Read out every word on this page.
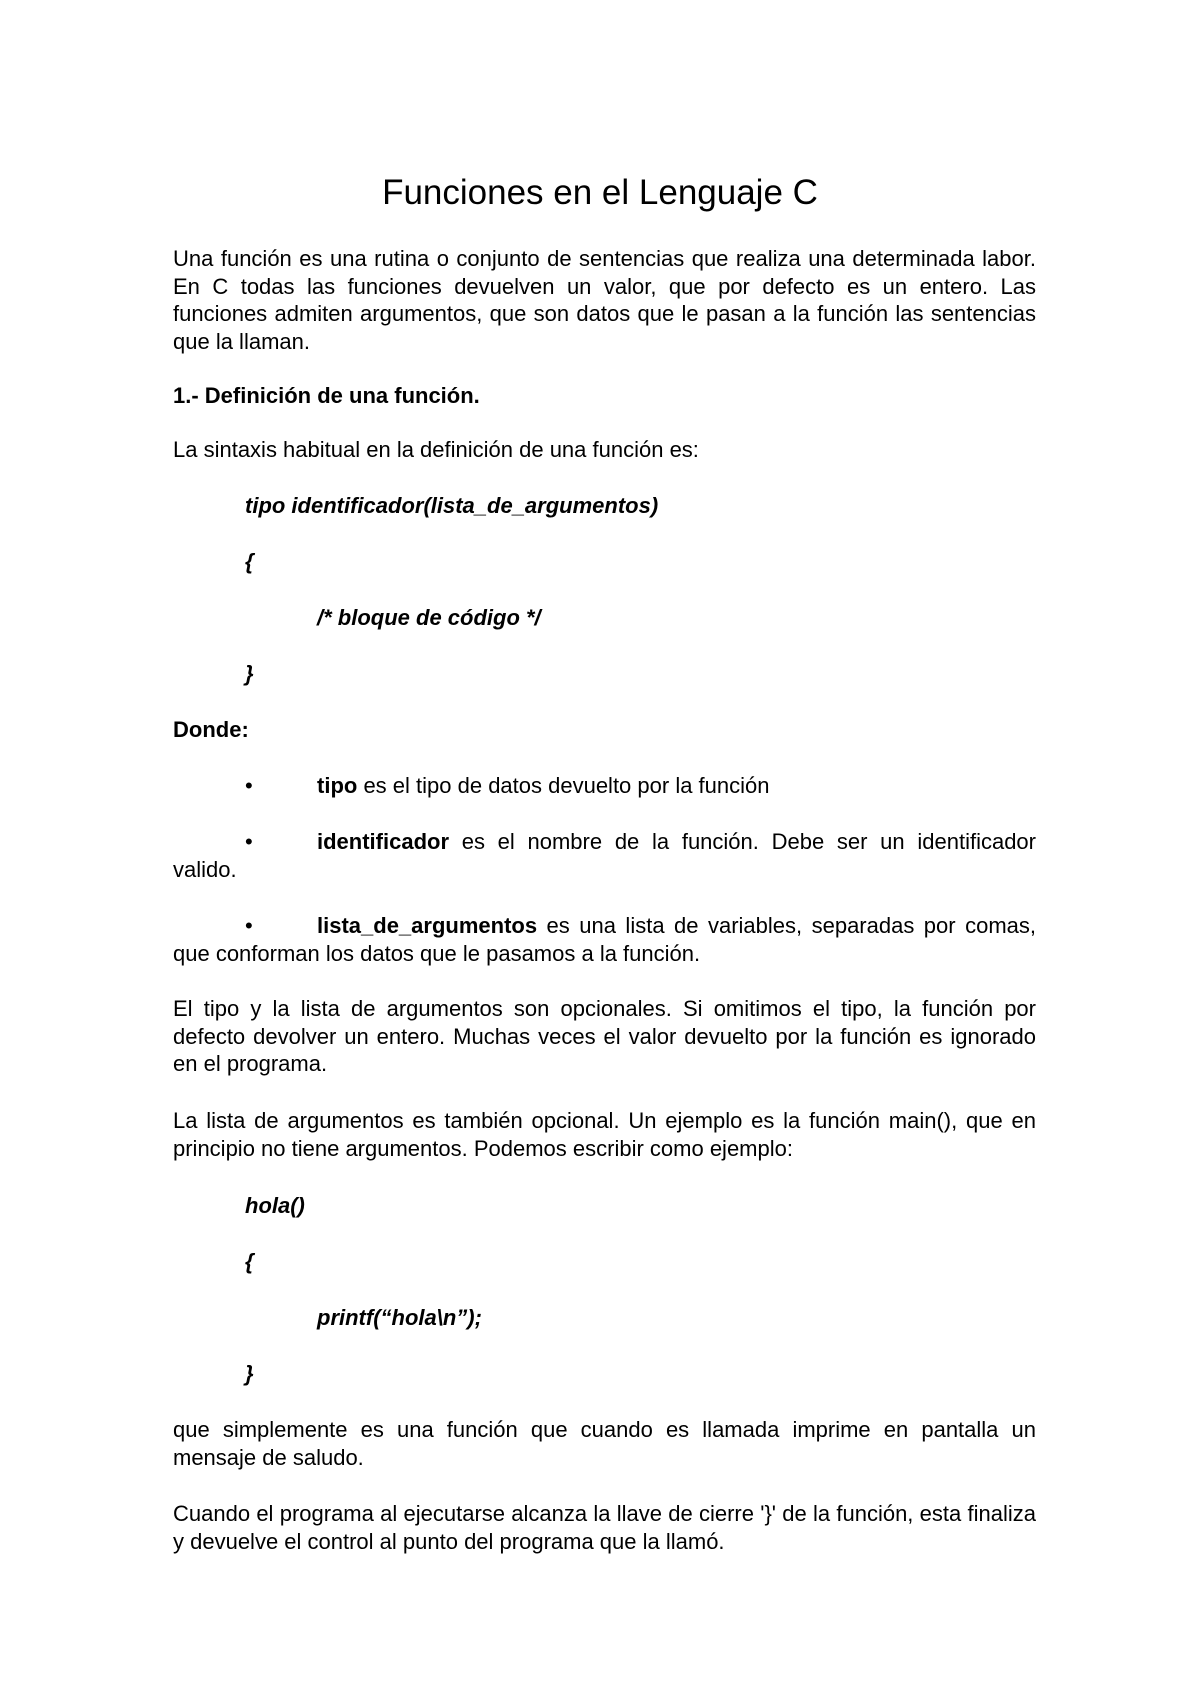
Funciones en el Lenguaje C

Una función es una rutina o conjunto de sentencias que realiza una determinada labor. En C todas las funciones devuelven un valor, que por defecto es un entero. Las funciones admiten argumentos, que son datos que le pasan a la función las sentencias que la llaman.

1.- Definición de una función.

La sintaxis habitual en la definición de una función es:

tipo identificador(lista_de_argumentos)

{

/* bloque de código */

}

Donde:

•	tipo es el tipo de datos devuelto por la función

•	identificador es el nombre de la función. Debe ser un identificador valido.

•	lista_de_argumentos es una lista de variables, separadas por comas, que conforman los datos que le pasamos a la función.

El tipo y la lista de argumentos son opcionales. Si omitimos el tipo, la función por defecto devolver un entero. Muchas veces el valor devuelto por la función es ignorado en el programa.

La lista de argumentos es también opcional. Un ejemplo es la función main(), que en principio no tiene argumentos. Podemos escribir como ejemplo:

hola()

{

printf(“hola\n”);

}

que simplemente es una función que cuando es llamada imprime en pantalla un mensaje de saludo.

Cuando el programa al ejecutarse alcanza la llave de cierre '}' de la función, esta finaliza y devuelve el control al punto del programa que la llamó.
